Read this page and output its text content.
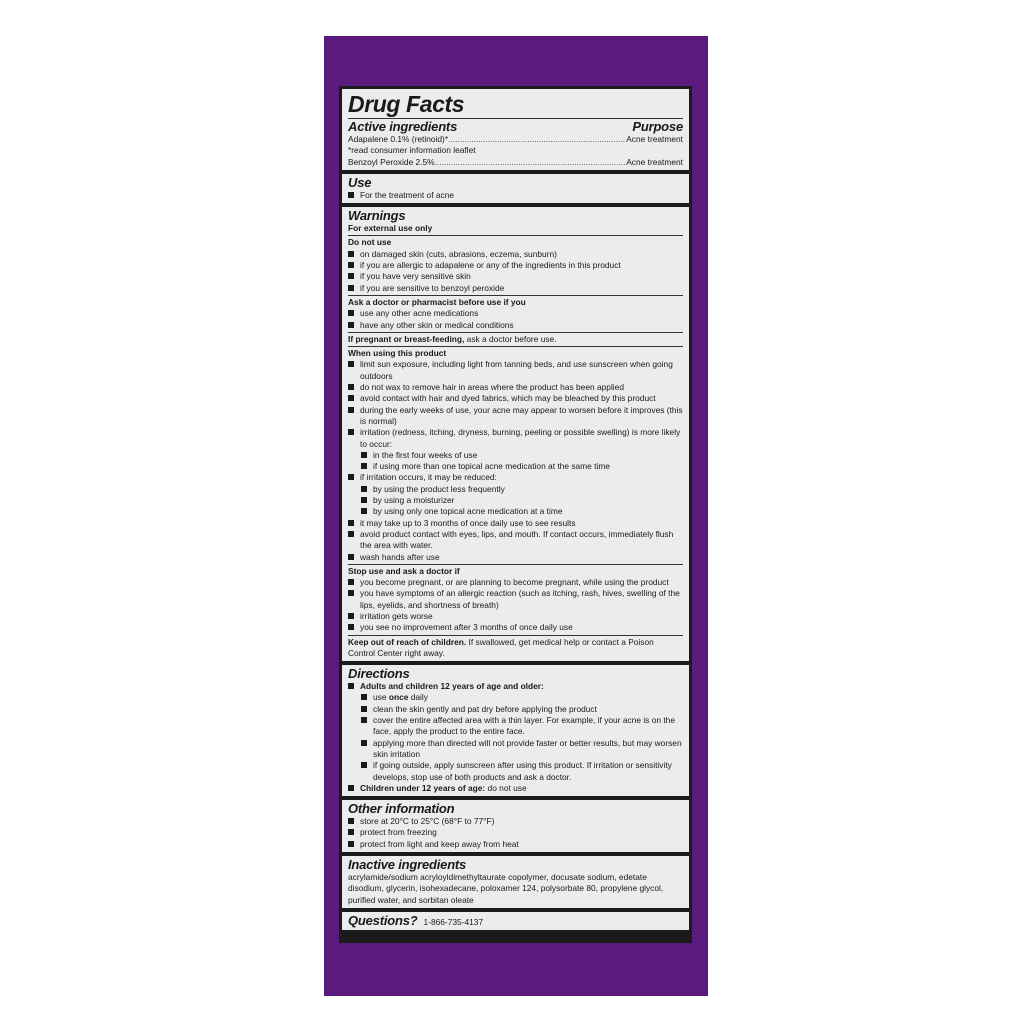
Drug Facts
Active ingredients	Purpose
Adapalene 0.1% (retinoid)* .....	Acne treatment
*read consumer information leaflet
Benzoyl Peroxide 2.5% .....	Acne treatment
Use
For the treatment of acne
Warnings
For external use only
Do not use
on damaged skin (cuts, abrasions, eczema, sunburn)
if you are allergic to adapalene or any of the ingredients in this product
if you have very sensitive skin
if you are sensitive to benzoyl peroxide
Ask a doctor or pharmacist before use if you
use any other acne medications
have any other skin or medical conditions
If pregnant or breast-feeding, ask a doctor before use.
When using this product
limit sun exposure, including light from tanning beds, and use sunscreen when going outdoors
do not wax to remove hair in areas where the product has been applied
avoid contact with hair and dyed fabrics, which may be bleached by this product
during the early weeks of use, your acne may appear to worsen before it improves (this is normal)
irritation (redness, itching, dryness, burning, peeling or possible swelling) is more likely to occur:
in the first four weeks of use
if using more than one topical acne medication at the same time
if irritation occurs, it may be reduced:
by using the product less frequently
by using a moisturizer
by using only one topical acne medication at a time
it may take up to 3 months of once daily use to see results
avoid product contact with eyes, lips, and mouth. If contact occurs, immediately flush the area with water.
wash hands after use
Stop use and ask a doctor if
you become pregnant, or are planning to become pregnant, while using the product
you have symptoms of an allergic reaction (such as itching, rash, hives, swelling of the lips, eyelids, and shortness of breath)
irritation gets worse
you see no improvement after 3 months of once daily use
Keep out of reach of children. If swallowed, get medical help or contact a Poison Control Center right away.
Directions
Adults and children 12 years of age and older:
use once daily
clean the skin gently and pat dry before applying the product
cover the entire affected area with a thin layer. For example, if your acne is on the face, apply the product to the entire face.
applying more than directed will not provide faster or better results, but may worsen skin irritation
if going outside, apply sunscreen after using this product. If irritation or sensitivity develops, stop use of both products and ask a doctor.
Children under 12 years of age: do not use
Other information
store at 20°C to 25°C (68°F to 77°F)
protect from freezing
protect from light and keep away from heat
Inactive ingredients
acrylamide/sodium acryloyldimethyltaurate copolymer, docusate sodium, edetate disodium, glycerin, isohexadecane, poloxamer 124, polysorbate 80, propylene glycol, purified water, and sorbitan oleate
Questions? 1-866-735-4137
